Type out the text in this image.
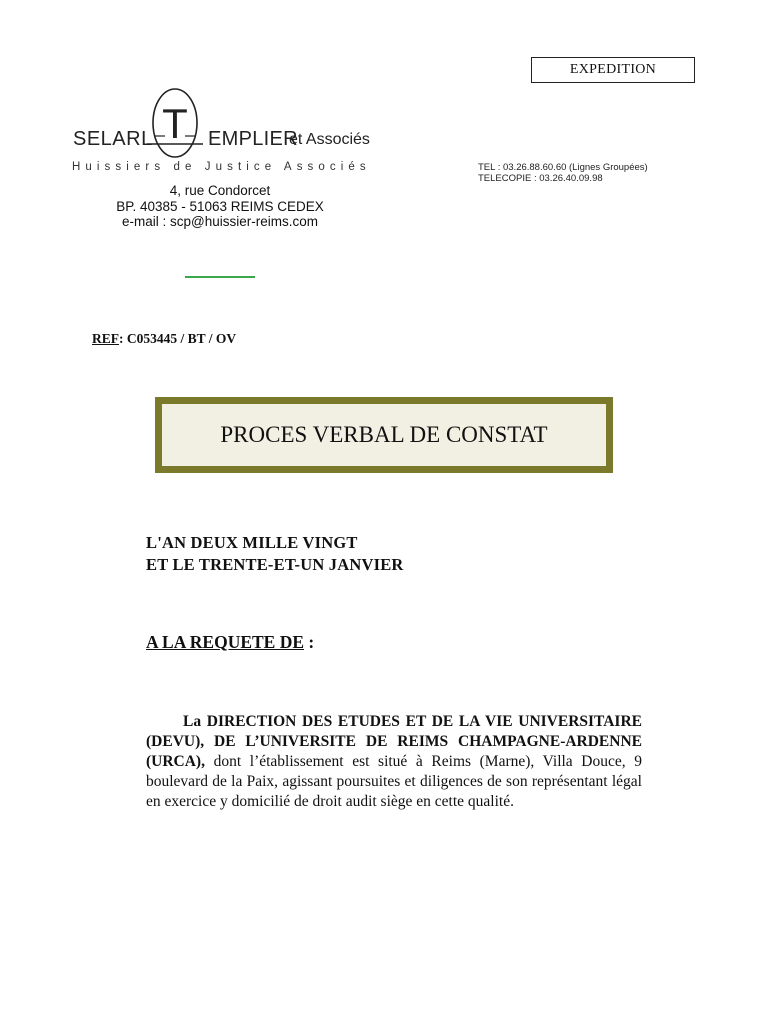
EXPEDITION
T
SELARL	EMPLIER
et Associés
Huissiers de Justice Associés	TEL : 03.26.88.60.60 (Lignes Groupées)
TELECOPIE : 03.26.40.09.98
4, rue Condorcet
BP. 40385 - 51063 REIMS CEDEX
e-mail : scp@huissier-reims.com
REF: C053445 / BT / OV
PROCES VERBAL DE CONSTAT
L'AN DEUX MILLE VINGT
ET LE TRENTE-ET-UN JANVIER
A LA REQUETE DE :
La DIRECTION DES ETUDES ET DE LA VIE UNIVERSITAIRE (DEVU), DE L’UNIVERSITE DE REIMS CHAMPAGNE-ARDENNE (URCA), dont l’établissement est situé à Reims (Marne), Villa Douce, 9 boulevard de la Paix, agissant poursuites et diligences de son représentant légal en exercice y domicilié de droit audit siège en cette qualité.
